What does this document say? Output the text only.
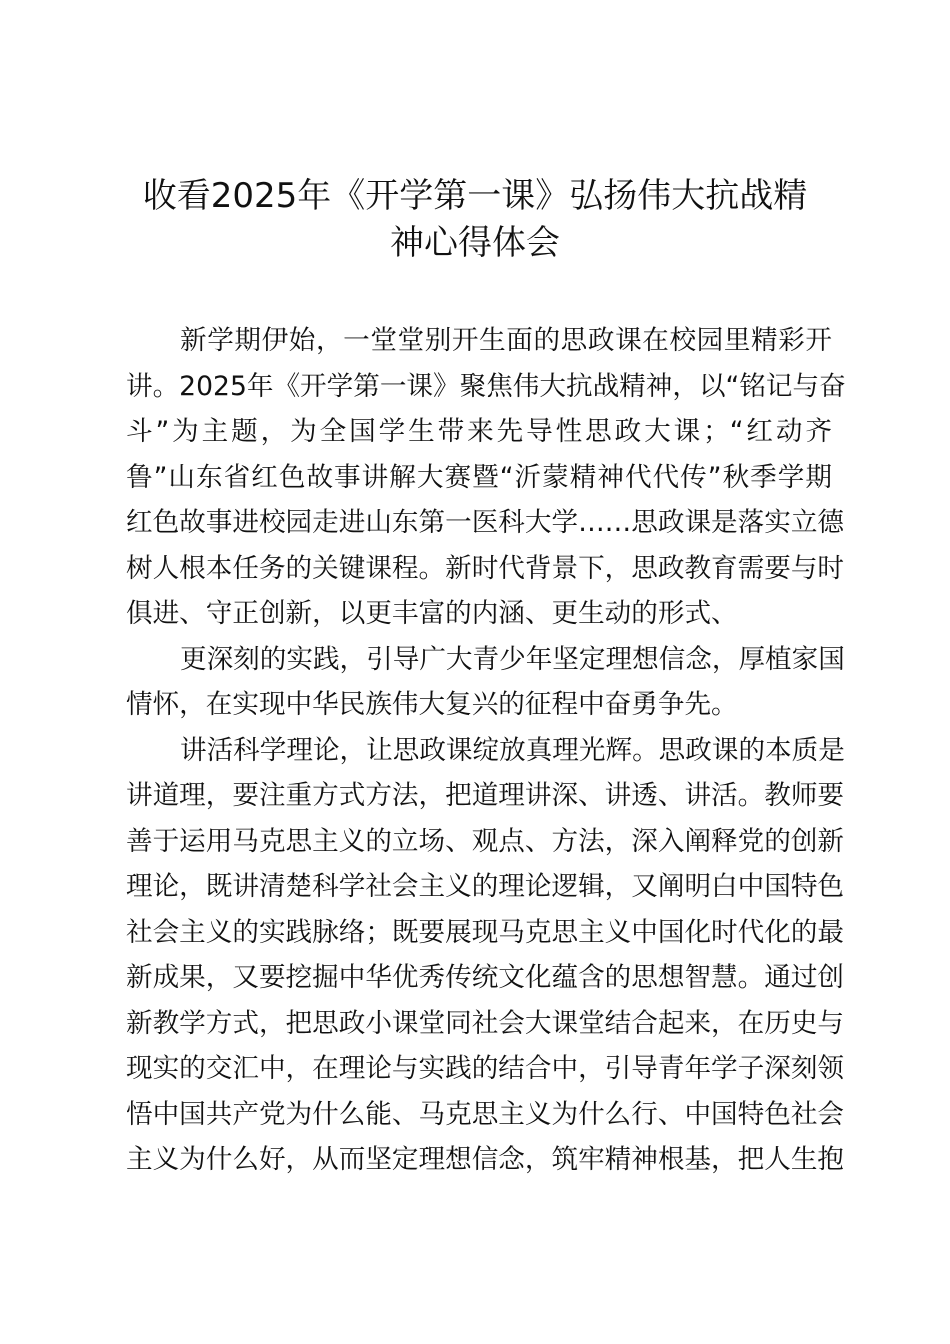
收看2025年《开学第一课》弘扬伟大抗战精
神心得体会
新学期伊始，一堂堂别开生面的思政课在校园里精彩开
讲。2025年《开学第一课》聚焦伟大抗战精神，以“铭记与奋
斗”为主题，为全国学生带来先导性思政大课；“红动齐
鲁”山东省红色故事讲解大赛暨“沂蒙精神代代传”秋季学期
红色故事进校园走进山东第一医科大学……思政课是落实立德
树人根本任务的关键课程。新时代背景下，思政教育需要与时
俱进、守正创新，以更丰富的内涵、更生动的形式、
更深刻的实践，引导广大青少年坚定理想信念，厚植家国
情怀，在实现中华民族伟大复兴的征程中奋勇争先。
讲活科学理论，让思政课绽放真理光辉。思政课的本质是
讲道理，要注重方式方法，把道理讲深、讲透、讲活。教师要
善于运用马克思主义的立场、观点、方法，深入阐释党的创新
理论，既讲清楚科学社会主义的理论逻辑，又阐明白中国特色
社会主义的实践脉络；既要展现马克思主义中国化时代化的最
新成果，又要挖掘中华优秀传统文化蕴含的思想智慧。通过创
新教学方式，把思政小课堂同社会大课堂结合起来，在历史与
现实的交汇中，在理论与实践的结合中，引导青年学子深刻领
悟中国共产党为什么能、马克思主义为什么行、中国特色社会
主义为什么好，从而坚定理想信念，筑牢精神根基，把人生抱
